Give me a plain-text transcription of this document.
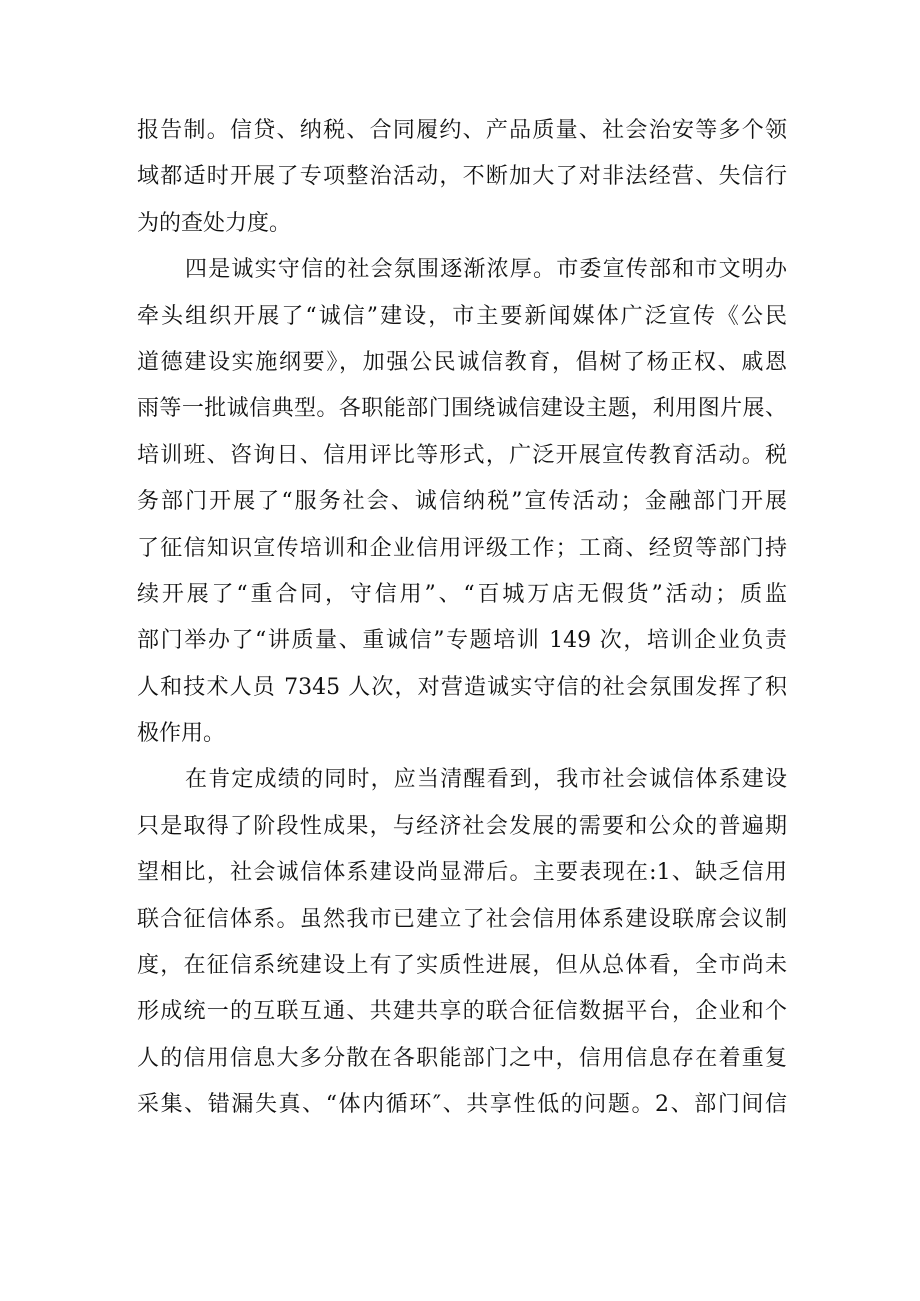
报告制。信贷、纳税、合同履约、产品质量、社会治安等多个领
域都适时开展了专项整治活动，不断加大了对非法经营、失信行
为的查处力度。
四是诚实守信的社会氛围逐渐浓厚。市委宣传部和市文明办
牵头组织开展了“诚信”建设，市主要新闻媒体广泛宣传《公民
道德建设实施纲要》，加强公民诚信教育，倡树了杨正权、戚恩
雨等一批诚信典型。各职能部门围绕诚信建设主题，利用图片展、
培训班、咨询日、信用评比等形式，广泛开展宣传教育活动。税
务部门开展了“服务社会、诚信纳税”宣传活动；金融部门开展
了征信知识宣传培训和企业信用评级工作；工商、经贸等部门持
续开展了“重合同，守信用”、“百城万店无假货”活动；质监
部门举办了“讲质量、重诚信”专题培训 149 次，培训企业负责
人和技术人员 7345 人次，对营造诚实守信的社会氛围发挥了积
极作用。
在肯定成绩的同时，应当清醒看到，我市社会诚信体系建设
只是取得了阶段性成果，与经济社会发展的需要和公众的普遍期
望相比，社会诚信体系建设尚显滞后。主要表现在:1、缺乏信用
联合征信体系。虽然我市已建立了社会信用体系建设联席会议制
度，在征信系统建设上有了实质性进展，但从总体看，全市尚未
形成统一的互联互通、共建共享的联合征信数据平台，企业和个
人的信用信息大多分散在各职能部门之中，信用信息存在着重复
采集、错漏失真、“体内循环″、共享性低的问题。2、部门间信
